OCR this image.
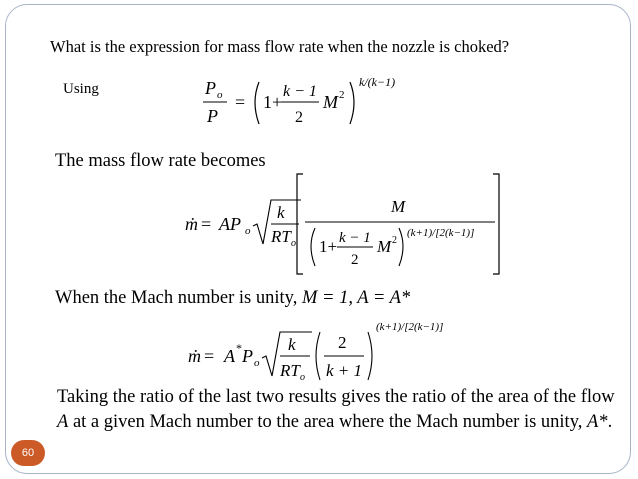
What is the expression for mass flow rate when the nozzle is choked?
Using	P o
P
= 1+
k − 1
2
M 2
k/(k−1)
The mass flow rate becomes
ṁ = AP o
k
RT o
M
1+ k − 1
2
M 2
(k+1)/[2(k−1)]
When the Mach number is unity, M = 1, A = A*
ṁ = A * P o
k
RT o
2
k + 1
(k+1)/[2(k−1)]
Taking the ratio of the last two results gives the ratio of the area of the flow A at a given Mach number to the area where the Mach number is unity, A*.
60
